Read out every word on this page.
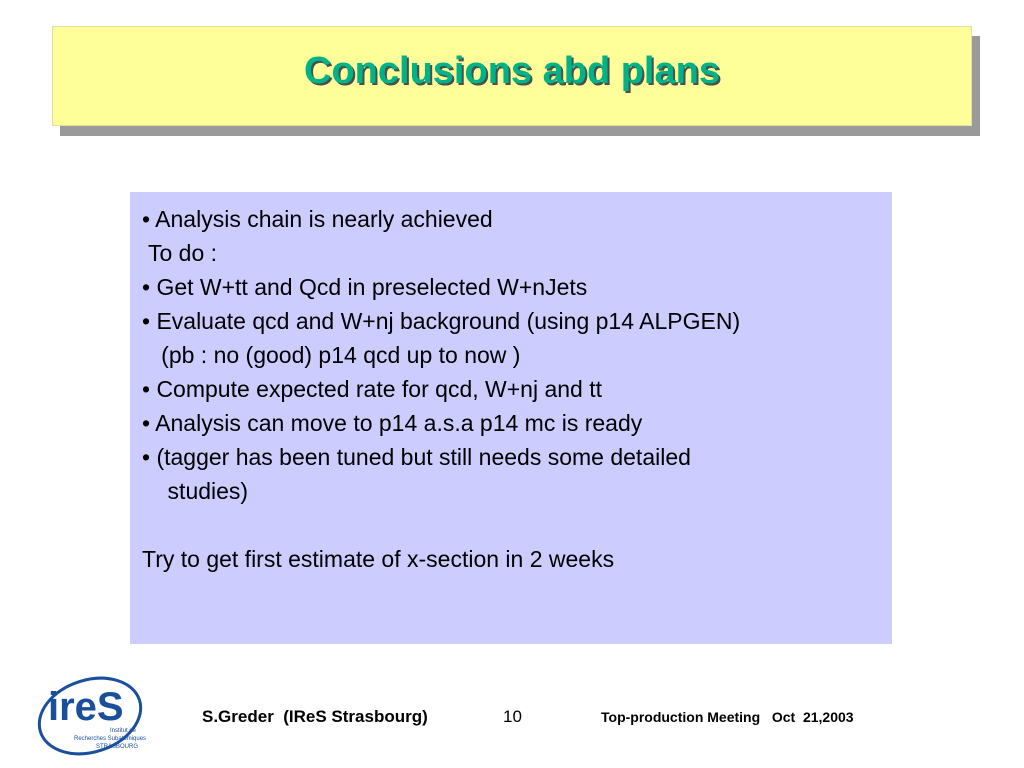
Conclusions abd plans
• Analysis chain is nearly achieved
To do :
• Get W+tt and Qcd in preselected W+nJets
• Evaluate qcd and W+nj background (using p14 ALPGEN)
(pb : no (good) p14 qcd up to now )
• Compute expected rate for qcd, W+nj and tt
• Analysis can move to p14 a.s.a p14 mc is ready
• (tagger has been tuned but still needs some detailed
studies)
Try to get first estimate of x-section in 2 weeks
ireS
Institut de
Recherches Subatomiques
STRASBOURG
S.Greder  (IReS Strasbourg)	10	Top-production Meeting   Oct  21,2003
